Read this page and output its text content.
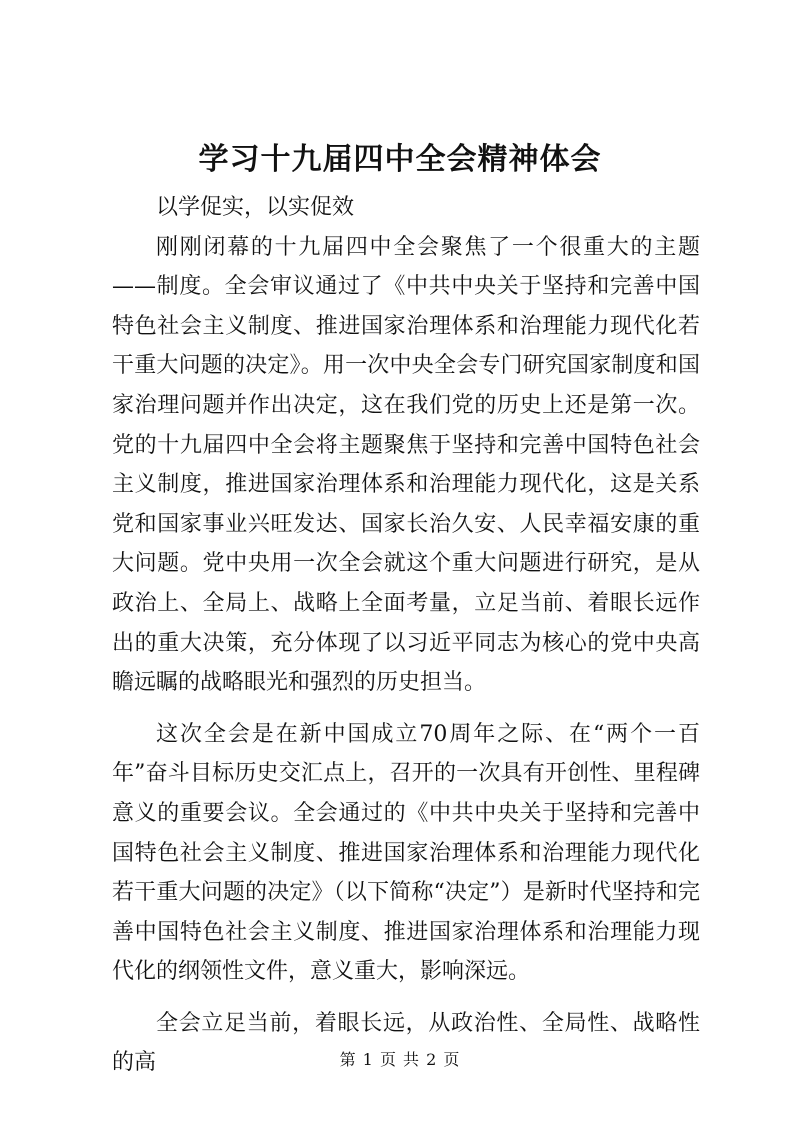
学习十九届四中全会精神体会

以学促实，以实促效

刚刚闭幕的十九届四中全会聚焦了一个很重大的主题——制度。全会审议通过了《中共中央关于坚持和完善中国特色社会主义制度、推进国家治理体系和治理能力现代化若干重大问题的决定》。用一次中央全会专门研究国家制度和国家治理问题并作出决定，这在我们党的历史上还是第一次。党的十九届四中全会将主题聚焦于坚持和完善中国特色社会主义制度，推进国家治理体系和治理能力现代化，这是关系党和国家事业兴旺发达、国家长治久安、人民幸福安康的重大问题。党中央用一次全会就这个重大问题进行研究，是从政治上、全局上、战略上全面考量，立足当前、着眼长远作出的重大决策，充分体现了以习近平同志为核心的党中央高瞻远瞩的战略眼光和强烈的历史担当。

这次全会是在新中国成立70周年之际、在“两个一百年”奋斗目标历史交汇点上，召开的一次具有开创性、里程碑意义的重要会议。全会通过的《中共中央关于坚持和完善中国特色社会主义制度、推进国家治理体系和治理能力现代化若干重大问题的决定》（以下简称“决定”）是新时代坚持和完善中国特色社会主义制度、推进国家治理体系和治理能力现代化的纲领性文件，意义重大，影响深远。

全会立足当前，着眼长远，从政治性、全局性、战略性的高	第 1 页 共 2 页
